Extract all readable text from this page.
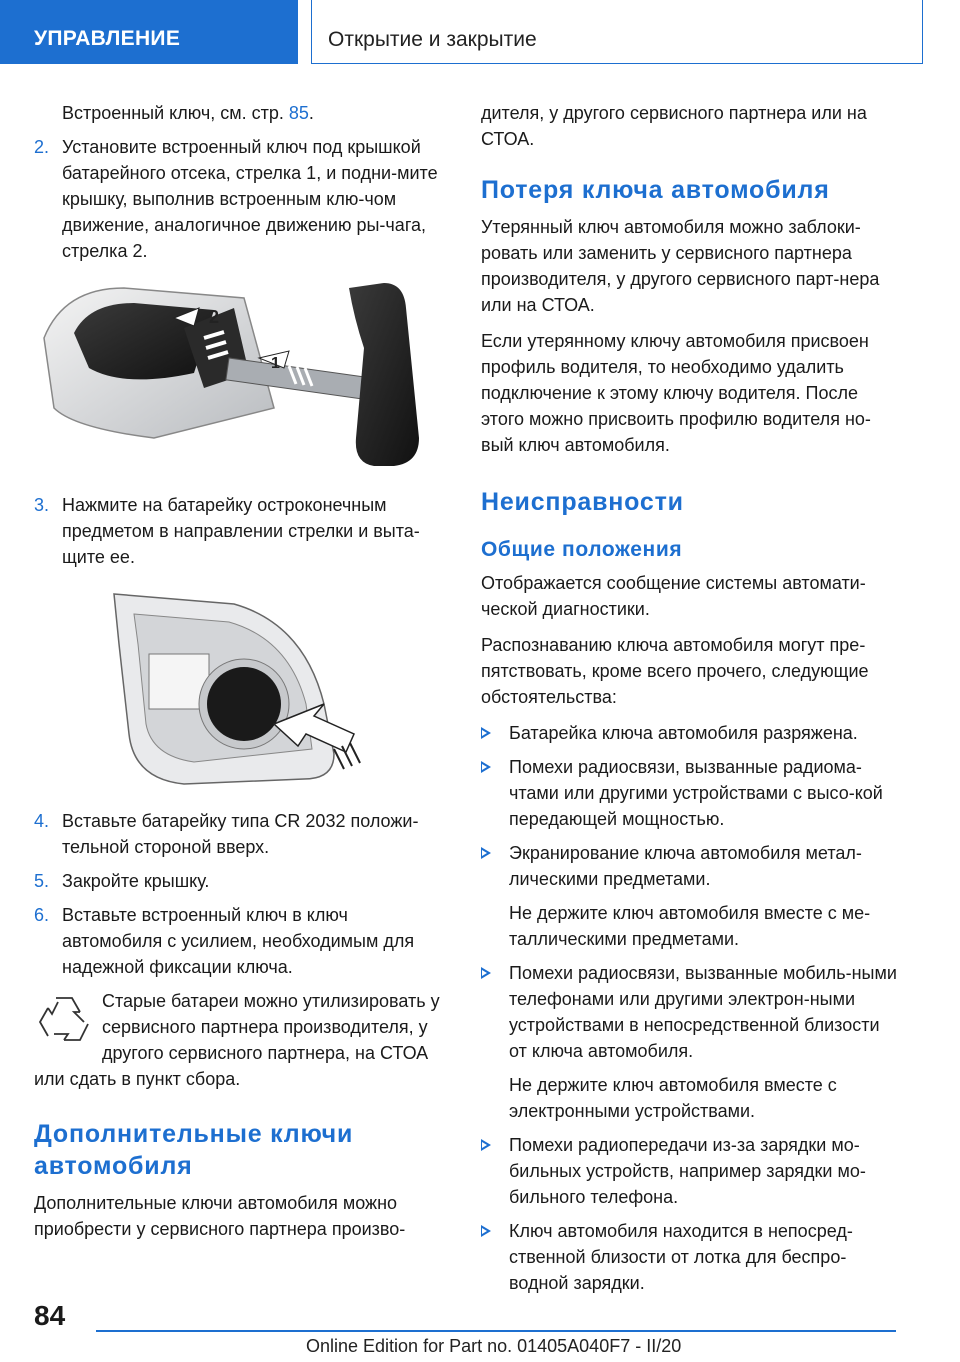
УПРАВЛЕНИЕ	Открытие и закрытие
Встроенный ключ, см. стр. 85.
2. Установите встроенный ключ под крышкой батарейного отсека, стрелка 1, и подни-мите крышку, выполнив встроенным клю-чом движение, аналогичное движению ры-чага, стрелка 2.
2
1
3. Нажмите на батарейку остроконечным предметом в направлении стрелки и выта-щите ее.
4. Вставьте батарейку типа CR 2032 положи-тельной стороной вверх.
5. Закройте крышку.
6. Вставьте встроенный ключ в ключ автомобиля с усилием, необходимым для надежной фиксации ключа.
Старые батареи можно утилизировать у сервисного партнера производителя, у другого сервисного партнера, на СТОА или сдать в пункт сбора.
Дополнительные ключи автомобиля
Дополнительные ключи автомобиля можно приобрести у сервисного партнера произво-
дителя, у другого сервисного партнера или на СТОА.
Потеря ключа автомобиля
Утерянный ключ автомобиля можно заблоки-ровать или заменить у сервисного партнера производителя, у другого сервисного парт-нера или на СТОА.
Если утерянному ключу автомобиля присвоен профиль водителя, то необходимо удалить подключение к этому ключу водителя. После этого можно присвоить профилю водителя но-вый ключ автомобиля.
Неисправности
Общие положения
Отображается сообщение системы автомати-ческой диагностики.
Распознаванию ключа автомобиля могут пре-пятствовать, кроме всего прочего, следующие обстоятельства:
Батарейка ключа автомобиля разряжена.
Помехи радиосвязи, вызванные радиома-чтами или другими устройствами с высо-кой передающей мощностью.
Экранирование ключа автомобиля метал-лическими предметами.
Не держите ключ автомобиля вместе с ме-таллическими предметами.
Помехи радиосвязи, вызванные мобиль-ными телефонами или другими электрон-ными устройствами в непосредственной близости от ключа автомобиля.
Не держите ключ автомобиля вместе с электронными устройствами.
Помехи радиопередачи из-за зарядки мо-бильных устройств, например зарядки мо-бильного телефона.
Ключ автомобиля находится в непосред-ственной близости от лотка для беспро-водной зарядки.
84
Online Edition for Part no. 01405A040F7 - II/20
